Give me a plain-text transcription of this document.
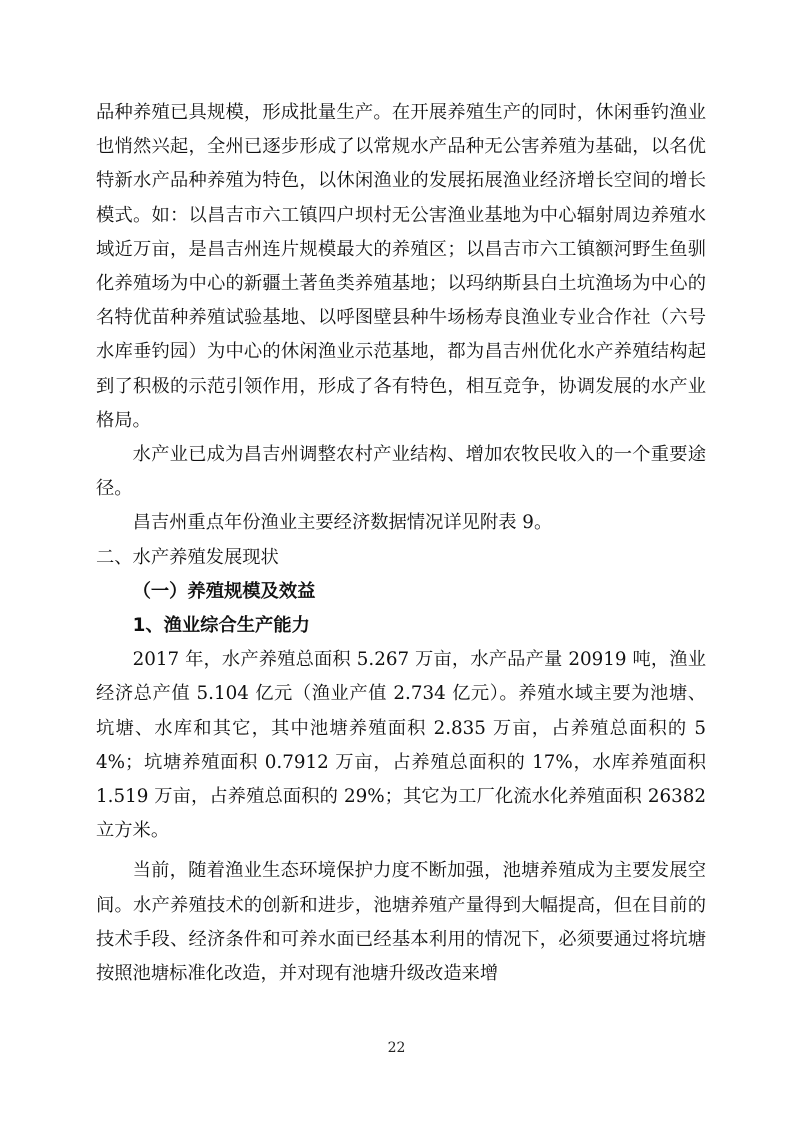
品种养殖已具规模，形成批量生产。在开展养殖生产的同时，休闲垂钓渔业也悄然兴起，全州已逐步形成了以常规水产品种无公害养殖为基础，以名优特新水产品种养殖为特色，以休闲渔业的发展拓展渔业经济增长空间的增长模式。如：以昌吉市六工镇四户坝村无公害渔业基地为中心辐射周边养殖水域近万亩，是昌吉州连片规模最大的养殖区；以昌吉市六工镇额河野生鱼驯化养殖场为中心的新疆土著鱼类养殖基地；以玛纳斯县白土坑渔场为中心的名特优苗种养殖试验基地、以呼图壁县种牛场杨寿良渔业专业合作社（六号水库垂钓园）为中心的休闲渔业示范基地，都为昌吉州优化水产养殖结构起到了积极的示范引领作用，形成了各有特色，相互竞争，协调发展的水产业格局。

水产业已成为昌吉州调整农村产业结构、增加农牧民收入的一个重要途径。

昌吉州重点年份渔业主要经济数据情况详见附表 9。

二、水产养殖发展现状

（一）养殖规模及效益

1、渔业综合生产能力

2017 年，水产养殖总面积 5.267 万亩，水产品产量 20919 吨，渔业经济总产值 5.104 亿元（渔业产值 2.734 亿元）。养殖水域主要为池塘、坑塘、水库和其它，其中池塘养殖面积 2.835 万亩，占养殖总面积的 54%；坑塘养殖面积 0.7912 万亩，占养殖总面积的 17%，水库养殖面积 1.519 万亩，占养殖总面积的 29%；其它为工厂化流水化养殖面积 26382 立方米。

当前，随着渔业生态环境保护力度不断加强，池塘养殖成为主要发展空间。水产养殖技术的创新和进步，池塘养殖产量得到大幅提高，但在目前的技术手段、经济条件和可养水面已经基本利用的情况下，必须要通过将坑塘按照池塘标准化改造，并对现有池塘升级改造来增

22
